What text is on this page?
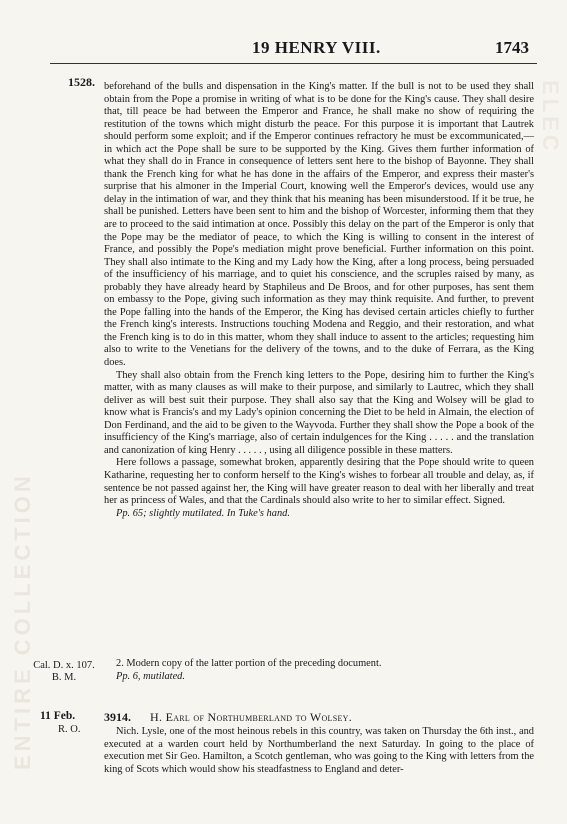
ENTIRE COLLECTION
ELEC
19 HENRY VIII.	1743
1528. beforehand of the bulls and dispensation in the King's matter. If the bull is not to be used they shall obtain from the Pope a promise in writing of what is to be done for the King's cause. They shall desire that, till peace be had between the Emperor and France, he shall make no show of requiring the restitution of the towns which might disturb the peace. For this purpose it is important that Lautrek should perform some exploit; and if the Emperor continues refractory he must be excommunicated,—in which act the Pope shall be sure to be supported by the King. Gives them further information of what they shall do in France in consequence of letters sent here to the bishop of Bayonne. They shall thank the French king for what he has done in the affairs of the Emperor, and express their master's surprise that his almoner in the Imperial Court, knowing well the Emperor's devices, would use any delay in the intimation of war, and they think that his meaning has been misunderstood. If it be true, he shall be punished. Letters have been sent to him and the bishop of Worcester, informing them that they are to proceed to the said intimation at once. Possibly this delay on the part of the Emperor is only that the Pope may be the mediator of peace, to which the King is willing to consent in the interest of France, and possibly the Pope's mediation might prove beneficial. Further information on this point. They shall also intimate to the King and my Lady how the King, after a long process, being persuaded of the insufficiency of his marriage, and to quiet his conscience, and the scruples raised by many, as probably they have already heard by Staphileus and De Broos, and for other purposes, has sent them on embassy to the Pope, giving such information as they may think requisite. And further, to prevent the Pope falling into the hands of the Emperor, the King has devised certain articles chiefly to further the French king's interests. Instructions touching Modena and Reggio, and their restoration, and what the French king is to do in this matter, whom they shall induce to assent to the articles; requesting him also to write to the Venetians for the delivery of the towns, and to the duke of Ferrara, as the King does.

They shall also obtain from the French king letters to the Pope, desiring him to further the King's matter, with as many clauses as will make to their purpose, and similarly to Lautrec, which they shall deliver as will best suit their purpose. They shall also say that the King and Wolsey will be glad to know what is Francis's and my Lady's opinion concerning the Diet to be held in Almain, the election of Don Ferdinand, and the aid to be given to the Wayvoda. Further they shall show the Pope a book of the insufficiency of the King's marriage, also of certain indulgences for the King . . . . . and the translation and canonization of king Henry . . . . . , using all diligence possible in these matters.

Here follows a passage, somewhat broken, apparently desiring that the Pope should write to queen Katharine, requesting her to conform herself to the King's wishes to forbear all trouble and delay, as, if sentence be not passed against her, the King will have greater reason to deal with her liberally and treat her as princess of Wales, and that the Cardinals should also write to her to similar effect. Signed.

Pp. 65; slightly mutilated. In Tuke's hand.

Cal. D. x. 107.
B. M.

2. Modern copy of the latter portion of the preceding document.

Pp. 6, mutilated.

11 Feb.
R. O.
3914. H. Earl of Northumberland to Wolsey.

Nich. Lysle, one of the most heinous rebels in this country, was taken on Thursday the 6th inst., and executed at a warden court held by Northumberland the next Saturday. In going to the place of execution met Sir Geo. Hamilton, a Scotch gentleman, who was going to the King with letters from the king of Scots which would show his steadfastness to England and deter-
